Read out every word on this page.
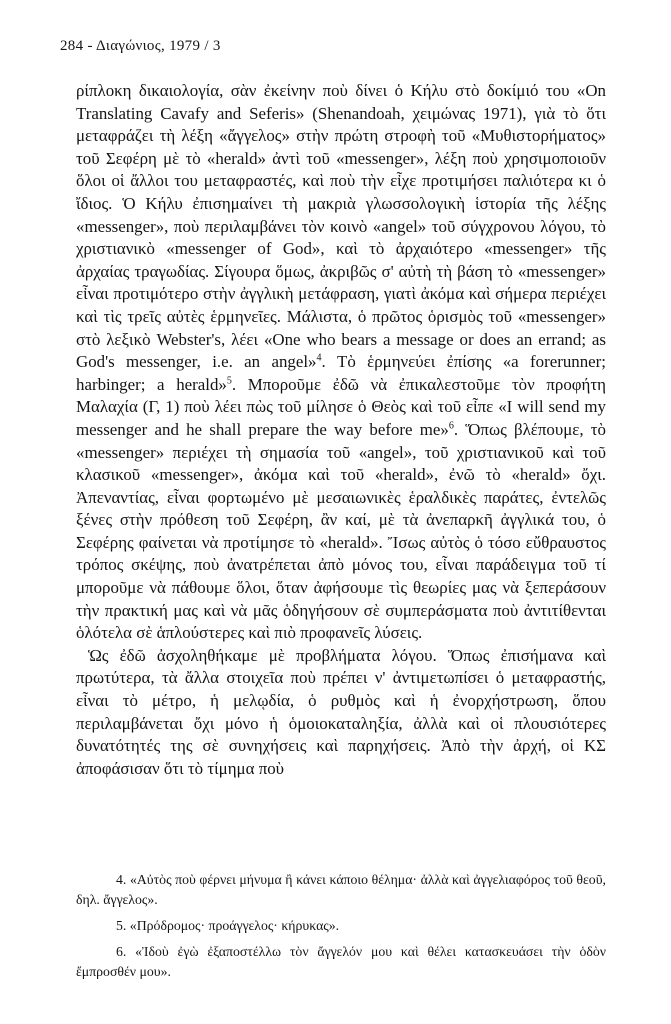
284 - Διαγώνιος, 1979 / 3

ρίπλοκη δικαιολογία, σὰν ἐκείνην ποὺ δίνει ὁ Κήλυ στὸ δοκίμιό του «On Translating Cavafy and Seferis» (Shenandoah, χειμώνας 1971), γιὰ τὸ ὅτι μεταφράζει τὴ λέξη «ἄγγελος» στὴν πρώτη στροφὴ τοῦ «Μυθιστορήματος» τοῦ Σεφέρη μὲ τὸ «herald» ἀντὶ τοῦ «messenger», λέξη ποὺ χρησιμοποιοῦν ὅλοι οἱ ἄλλοι του μεταφραστές, καὶ ποὺ τὴν εἶχε προτιμήσει παλιότερα κι ὁ ἴδιος. Ὁ Κήλυ ἐπισημαίνει τὴ μακριὰ γλωσσολογικὴ ἱστορία τῆς λέξης «messenger», ποὺ περιλαμβάνει τὸν κοινὸ «angel» τοῦ σύγχρονου λόγου, τὸ χριστιανικὸ «messenger of God», καὶ τὸ ἀρχαιότερο «messenger» τῆς ἀρχαίας τραγωδίας. Σίγουρα ὅμως, ἀκριβῶς σ' αὐτὴ τὴ βάση τὸ «messenger» εἶναι προτιμότερο στὴν ἀγγλικὴ μετάφραση, γιατὶ ἀκόμα καὶ σήμερα περιέχει καὶ τὶς τρεῖς αὐτὲς ἑρμηνεῖες. Μάλιστα, ὁ πρῶτος ὁρισμὸς τοῦ «messenger» στὸ λεξικὸ Webster's, λέει «One who bears a message or does an errand; as God's messenger, i.e. an angel»$^4$. Τὸ ἑρμηνεύει ἐπίσης «a forerunner; harbinger; a herald»$^5$. Μποροῦμε ἐδῶ νὰ ἐπικαλεστοῦμε τὸν προφήτη Μαλαχία (Γ, 1) ποὺ λέει πὼς τοῦ μίλησε ὁ Θεὸς καὶ τοῦ εἶπε «I will send my messenger and he shall prepare the way before me»$^6$. Ὅπως βλέπουμε, τὸ «messenger» περιέχει τὴ σημασία τοῦ «angel», τοῦ χριστιανικοῦ καὶ τοῦ κλασικοῦ «messenger», ἀκόμα καὶ τοῦ «herald», ἐνῶ τὸ «herald» ὄχι. Ἀπεναντίας, εἶναι φορτωμένο μὲ μεσαιωνικὲς ἑραλδικὲς παράτες, ἐντελῶς ξένες στὴν πρόθεση τοῦ Σεφέρη, ἂν καί, μὲ τὰ ἀνεπαρκῆ ἀγγλικά του, ὁ Σεφέρης φαίνεται νὰ προτίμησε τὸ «herald». Ἴσως αὐτὸς ὁ τόσο εὔθραυστος τρόπος σκέψης, ποὺ ἀνατρέπεται ἀπὸ μόνος του, εἶναι παράδειγμα τοῦ τί μποροῦμε νὰ πάθουμε ὅλοι, ὅταν ἀφήσουμε τὶς θεωρίες μας νὰ ξεπεράσουν τὴν πρακτική μας καὶ νὰ μᾶς ὁδηγήσουν σὲ συμπεράσματα ποὺ ἀντιτίθενται ὁλότελα σὲ ἁπλούστερες καὶ πιὸ προφανεῖς λύσεις.

Ὡς ἐδῶ ἀσχοληθήκαμε μὲ προβλήματα λόγου. Ὅπως ἐπισήμανα καὶ πρωτύτερα, τὰ ἄλλα στοιχεῖα ποὺ πρέπει ν' ἀντιμετωπίσει ὁ μεταφραστής, εἶναι τὸ μέτρο, ἡ μελῳδία, ὁ ρυθμὸς καὶ ἡ ἐνορχήστρωση, ὅπου περιλαμβάνεται ὄχι μόνο ἡ ὁμοιοκαταληξία, ἀλλὰ καὶ οἱ πλουσιότερες δυνατότητές της σὲ συνηχήσεις καὶ παρηχήσεις. Ἀπὸ τὴν ἀρχή, οἱ ΚΣ ἀποφάσισαν ὅτι τὸ τίμημα ποὺ

4. «Αὐτὸς ποὺ φέρνει μήνυμα ἢ κάνει κάποιο θέλημα· ἀλλὰ καὶ ἀγγελιαφόρος τοῦ θεοῦ, δηλ. ἄγγελος».

5. «Πρόδρομος· προάγγελος· κήρυκας».

6. «Ἰδοὺ ἐγὼ ἐξαποστέλλω τὸν ἄγγελόν μου καὶ θέλει κατασκευάσει τὴν ὁδὸν ἔμπροσθέν μου».
